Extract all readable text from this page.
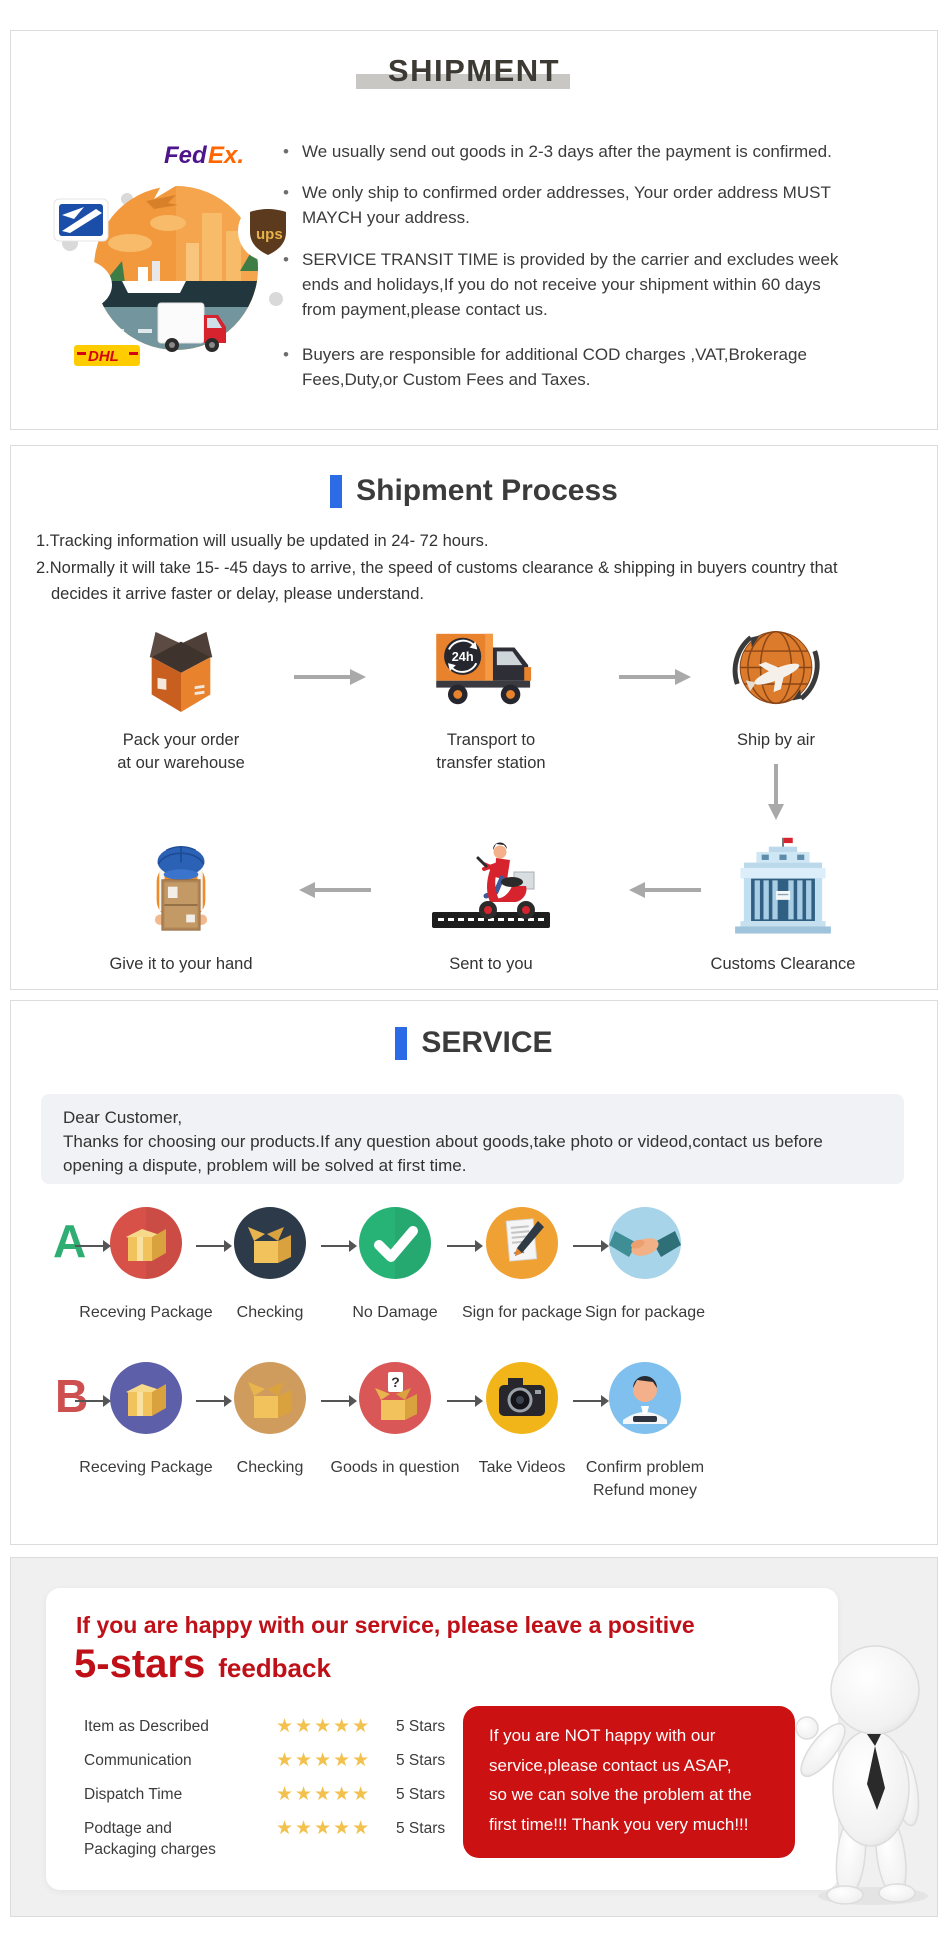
SHIPMENT
Fed Ex.
ups
DHL
• We usually send out goods in 2-3 days after the payment is confirmed.
• We only ship to confirmed order addresses, Your order address MUST
MAYCH your address.
• SERVICE TRANSIT TIME is provided by the carrier and excludes week
ends and holidays,If you do not receive your shipment within 60 days
from payment,please contact us.
• Buyers are responsible for additional COD charges ,VAT,Brokerage
Fees,Duty,or Custom Fees and Taxes.
Shipment Process
1.Tracking information will usually be updated in 24- 72 hours.
2.Normally it will take 15- -45 days to arrive, the speed of customs clearance & shipping in buyers country that
decides it arrive faster or delay, please understand.
Pack your order
at our warehouse
24h
Transport to
transfer station
Ship by air
Give it to your hand	Sent to you	Customs Clearance
SERVICE
Dear Customer,
Thanks for choosing our products.If any question about goods,take photo or videod,contact us before
opening a dispute, problem will be solved at first time.
A
Receving Package	Checking	No Damage	Sign for package Sign for package
B	?
Receving Package	Checking	Goods in question	Take Videos	Confirm problem
Refund money
If you are happy with our service, please leave a positive
5-stars feedback
Item as Described	★★★★★	5 Stars
Communication	★★★★★	5 Stars
Dispatch Time	★★★★★	5 Stars
Podtage and
Packaging charges
★★★★★	5 Stars
If you are NOT happy with our
service,please contact us ASAP,
so we can solve the problem at the
first time!!! Thank you very much!!!
